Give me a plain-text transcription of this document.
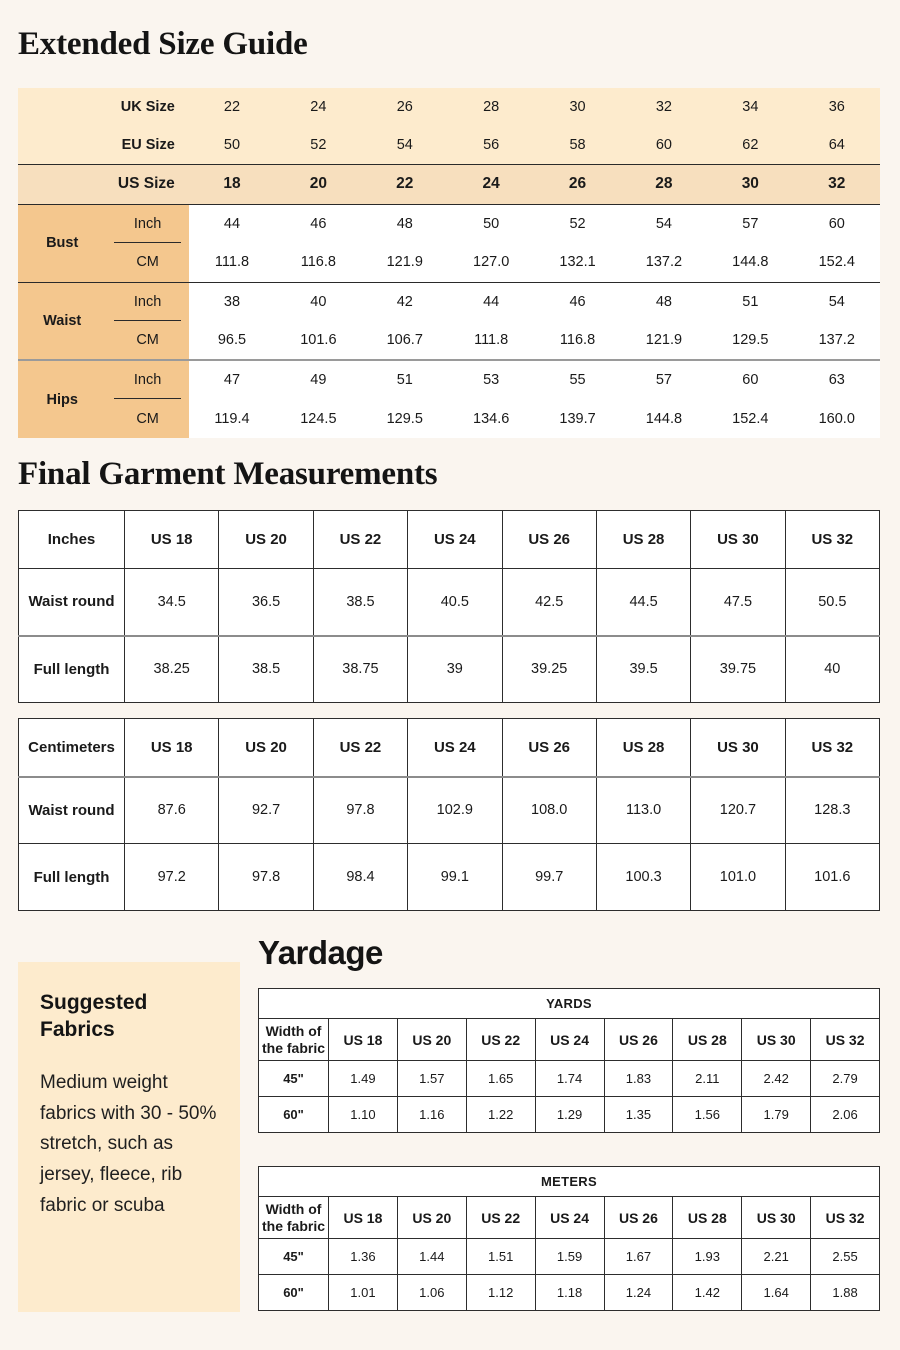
Extended Size Guide
UK Size		22	24	26	28	30	32	34	36
EU Size		50	52	54	56	58	60	62	64
US Size		18	20	22	24	26	28	30	32
Bust	Inch	44	46	48	50	52	54	57	60
	CM	111.8	116.8	121.9	127.0	132.1	137.2	144.8	152.4
Waist	Inch	38	40	42	44	46	48	51	54
	CM	96.5	101.6	106.7	111.8	116.8	121.9	129.5	137.2
Hips	Inch	47	49	51	53	55	57	60	63
	CM	119.4	124.5	129.5	134.6	139.7	144.8	152.4	160.0
Final Garment Measurements
Inches	US 18	US 20	US 22	US 24	US 26	US 28	US 30	US 32
Waist round	34.5	36.5	38.5	40.5	42.5	44.5	47.5	50.5
Full length	38.25	38.5	38.75	39	39.25	39.5	39.75	40
Centimeters	US 18	US 20	US 22	US 24	US 26	US 28	US 30	US 32
Waist round	87.6	92.7	97.8	102.9	108.0	113.0	120.7	128.3
Full length	97.2	97.8	98.4	99.1	99.7	100.3	101.0	101.6
Suggested
Fabrics
Medium weight fabrics with 30 - 50% stretch, such as jersey, fleece, rib fabric or scuba
Yardage
YARDS								

Width of
the fabric	US 18	US 20	US 22	US 24	US 26	US 28	US 30	US 32
45"	1.49	1.57	1.65	1.74	1.83	2.11	2.42	2.79
60"	1.10	1.16	1.22	1.29	1.35	1.56	1.79	2.06
METERS								

Width of
the fabric	US 18	US 20	US 22	US 24	US 26	US 28	US 30	US 32
45"	1.36	1.44	1.51	1.59	1.67	1.93	2.21	2.55
60"	1.01	1.06	1.12	1.18	1.24	1.42	1.64	1.88
